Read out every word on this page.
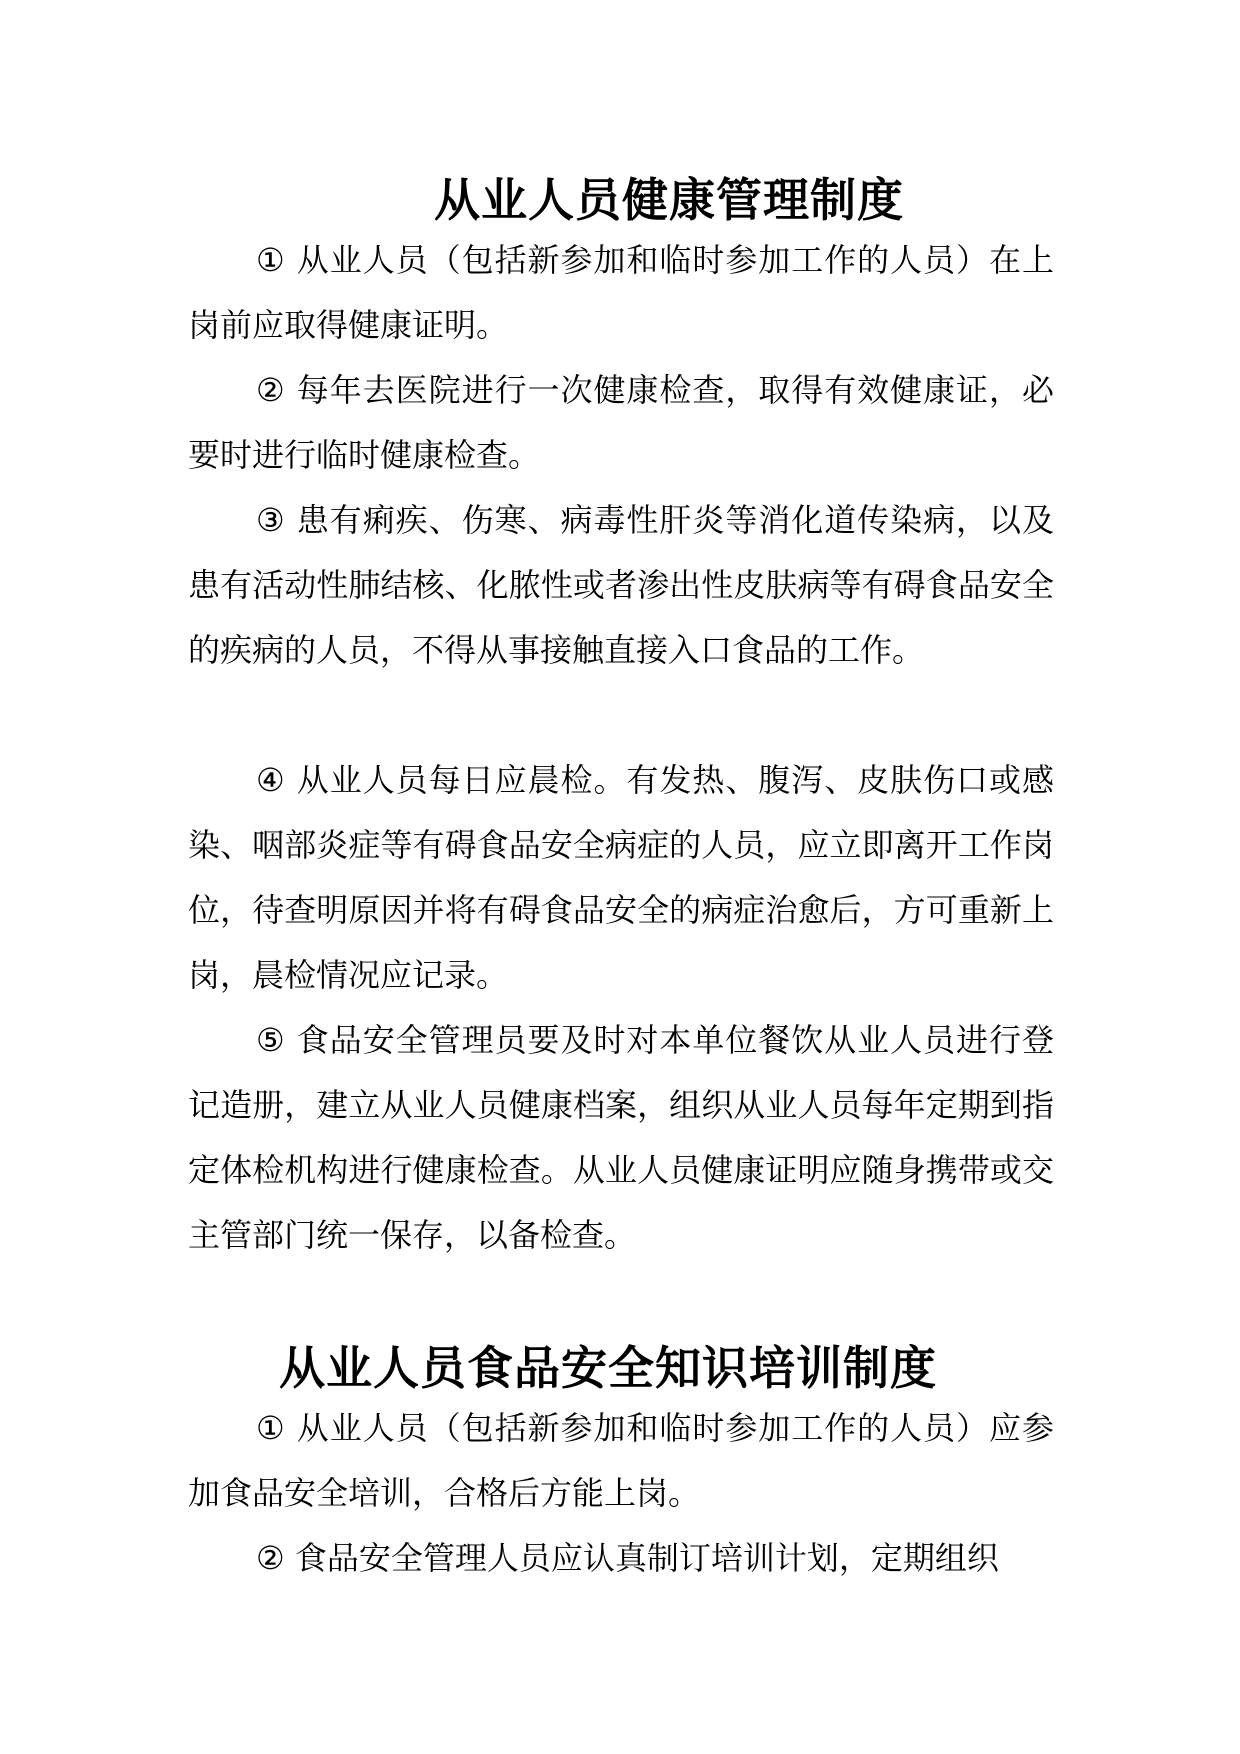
从业人员健康管理制度

① 从业人员（包括新参加和临时参加工作的人员）在上岗前应取得健康证明。

② 每年去医院进行一次健康检查，取得有效健康证，必要时进行临时健康检查。

③ 患有痢疾、伤寒、病毒性肝炎等消化道传染病，以及患有活动性肺结核、化脓性或者渗出性皮肤病等有碍食品安全的疾病的人员，不得从事接触直接入口食品的工作。

④ 从业人员每日应晨检。有发热、腹泻、皮肤伤口或感染、咽部炎症等有碍食品安全病症的人员，应立即离开工作岗位，待查明原因并将有碍食品安全的病症治愈后，方可重新上岗，晨检情况应记录。

⑤ 食品安全管理员要及时对本单位餐饮从业人员进行登记造册，建立从业人员健康档案，组织从业人员每年定期到指定体检机构进行健康检查。从业人员健康证明应随身携带或交主管部门统一保存，以备检查。

从业人员食品安全知识培训制度

① 从业人员（包括新参加和临时参加工作的人员）应参加食品安全培训，合格后方能上岗。

② 食品安全管理人员应认真制订培训计划，定期组织
